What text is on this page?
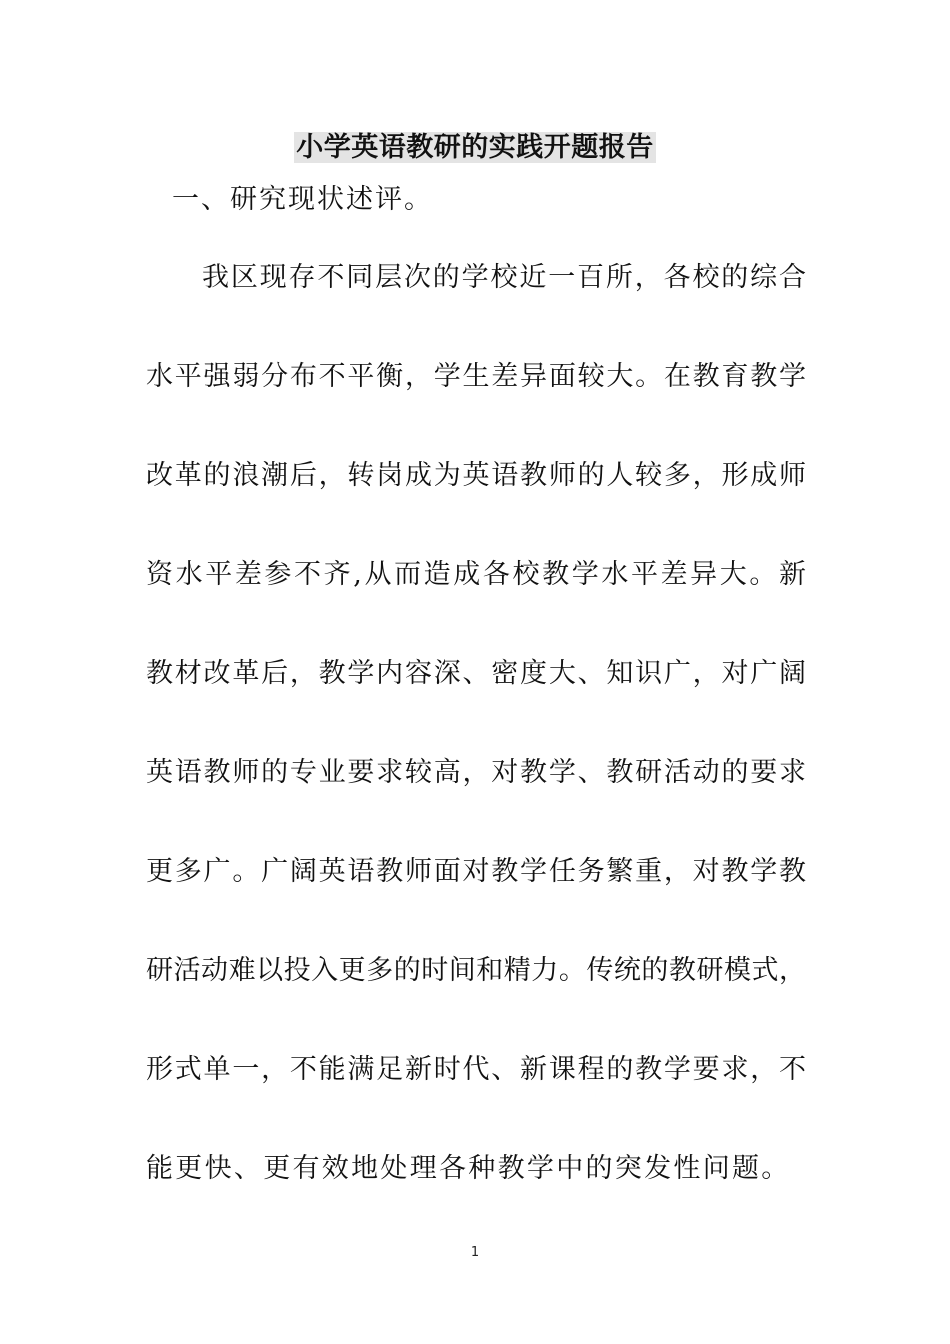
小学英语教研的实践开题报告
一、研究现状述评。
我区现存不同层次的学校近一百所，各校的综合
水平强弱分布不平衡，学生差异面较大。在教育教学
改革的浪潮后，转岗成为英语教师的人较多，形成师
资水平差参不齐,从而造成各校教学水平差异大。新
教材改革后，教学内容深、密度大、知识广，对广阔
英语教师的专业要求较高，对教学、教研活动的要求
更多广。广阔英语教师面对教学任务繁重，对教学教
研活动难以投入更多的时间和精力。传统的教研模式，
形式单一，不能满足新时代、新课程的教学要求，不
能更快、更有效地处理各种教学中的突发性问题。
1
